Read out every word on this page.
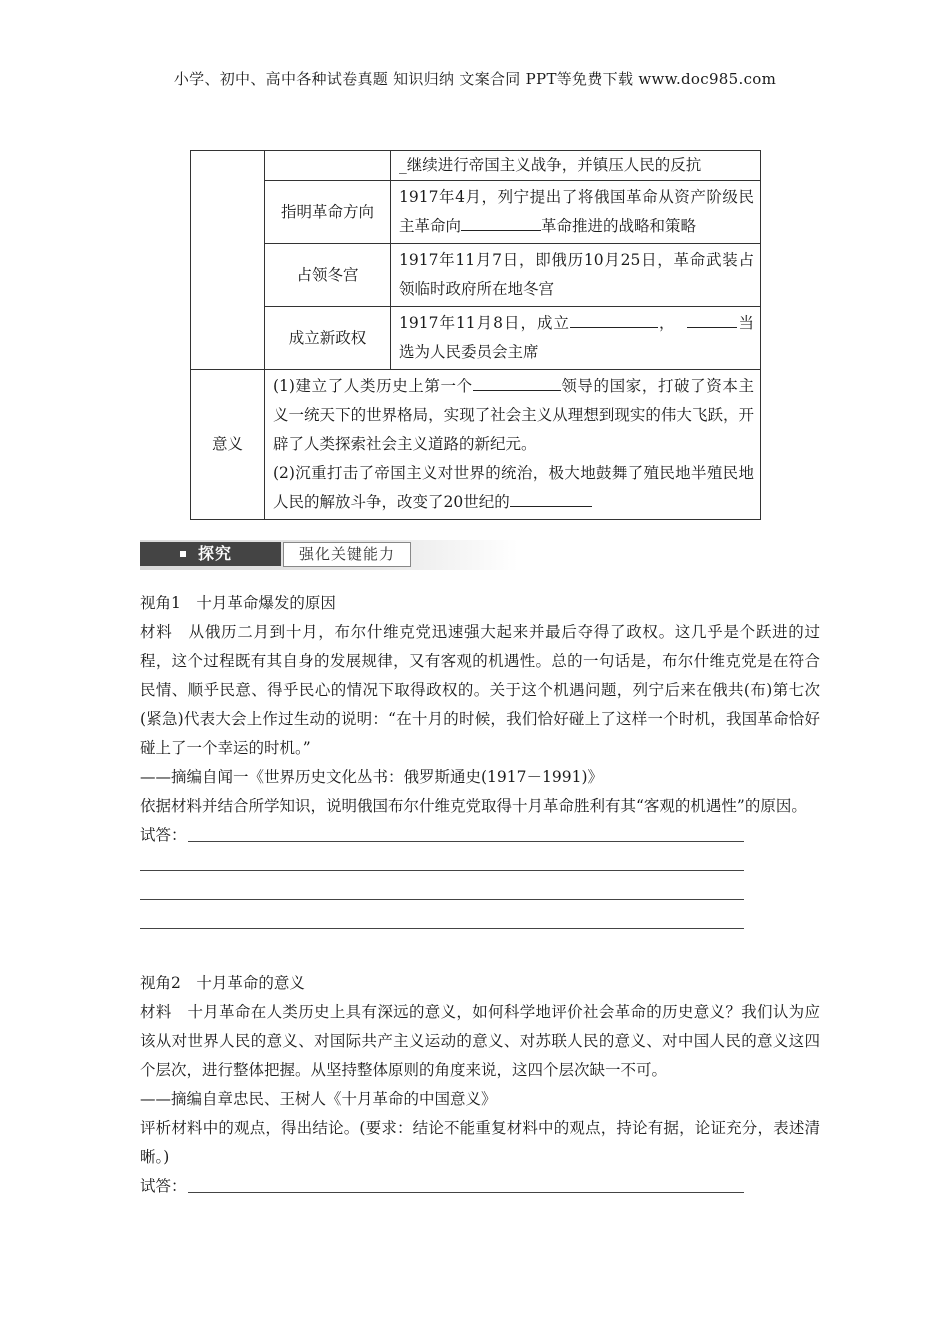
小学、初中、高中各种试卷真题 知识归纳 文案合同 PPT等免费下载 www.doc985.com
		_继续进行帝国主义战争，并镇压人民的反抗
	指明革命方向	1917年4月，列宁提出了将俄国革命从资产阶级民主革命向 革命推进的战略和策略
	占领冬宫	1917年11月7日，即俄历10月25日，革命武装占领临时政府所在地冬宫
	成立新政权	1917年11月8日，成立 ， 当选为人民委员会主席
意义	(1)建立了人类历史上第一个 领导的国家，打破了资本主义一统天下的世界格局，实现了社会主义从理想到现实的伟大飞跃，开辟了人类探索社会主义道路的新纪元。
(2)沉重打击了帝国主义对世界的统治，极大地鼓舞了殖民地半殖民地人民的解放斗争，改变了20世纪的	
探究	强化关键能力

视角1　十月革命爆发的原因

材料　从俄历二月到十月，布尔什维克党迅速强大起来并最后夺得了政权。这几乎是个跃进的过程，这个过程既有其自身的发展规律，又有客观的机遇性。总的一句话是，布尔什维克党是在符合民情、顺乎民意、得乎民心的情况下取得政权的。关于这个机遇问题，列宁后来在俄共(布)第七次(紧急)代表大会上作过生动的说明：“在十月的时候，我们恰好碰上了这样一个时机，我国革命恰好碰上了一个幸运的时机。”

——摘编自闻一《世界历史文化丛书：俄罗斯通史(1917－1991)》

依据材料并结合所学知识，说明俄国布尔什维克党取得十月革命胜利有其“客观的机遇性”的原因。

试答：

视角2　十月革命的意义

材料　十月革命在人类历史上具有深远的意义，如何科学地评价社会革命的历史意义？我们认为应该从对世界人民的意义、对国际共产主义运动的意义、对苏联人民的意义、对中国人民的意义这四个层次，进行整体把握。从坚持整体原则的角度来说，这四个层次缺一不可。

——摘编自章忠民、王树人《十月革命的中国意义》

评析材料中的观点，得出结论。(要求：结论不能重复材料中的观点，持论有据，论证充分，表述清晰。)

试答：
